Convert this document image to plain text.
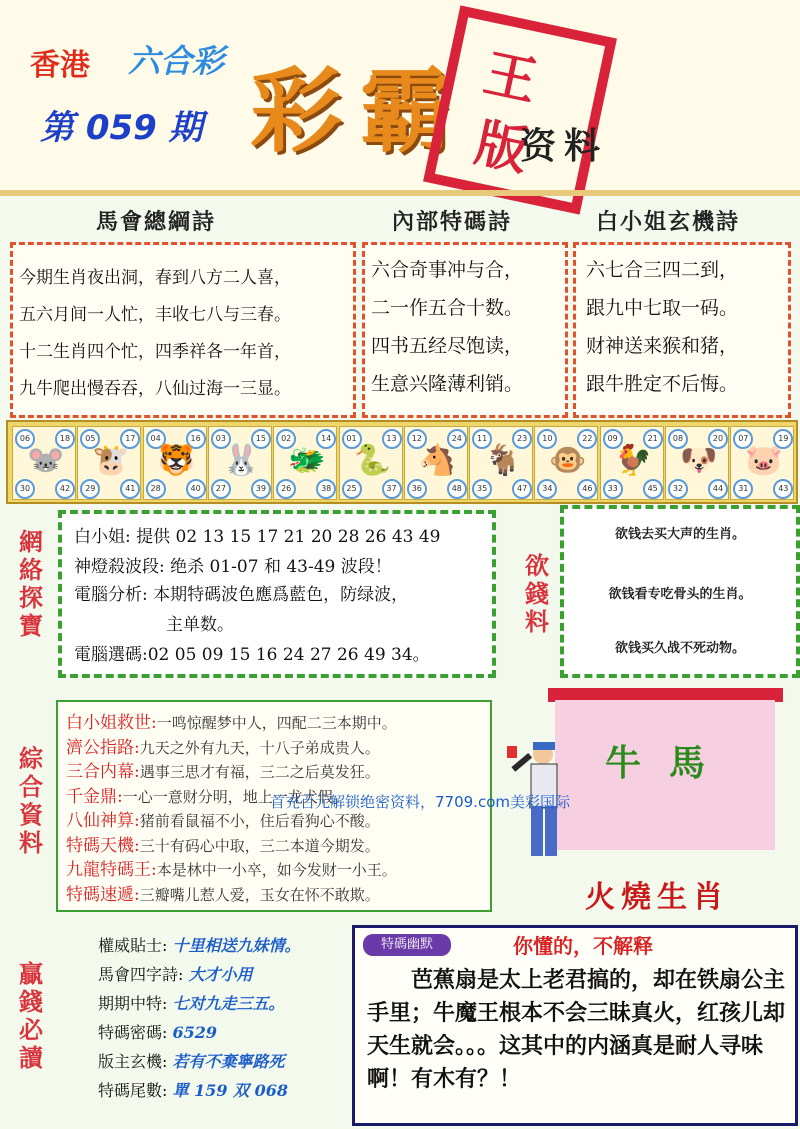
香港 六合彩
第 059 期 彩 霸 王
版
资料
馬會總綱詩	內部特碼詩	白小姐玄機詩
今期生肖夜出洞，春到八方二人喜，
五六月间一人忙，丰收七八与三春。
十二生肖四个忙，四季祥各一年首，
九牛爬出慢吞吞，八仙过海一三显。
六合奇事冲与合，
二一作五合十数。
四书五经尽饱读，
生意兴隆薄利销。
六七合三四二到，
跟九中七取一码。
财神送来猴和猪，
跟牛胜定不后悔。
06	18
30	42
🐭
05	17
29	41
🐮
04	16
28	40
🐯
03	15
27	39
🐰
02	14
26	38
🐲
01	13
25	37
🐍
12	24
36	48
🐴
11	23
35	47
🐐
10	22
34	46
🐵
09	21
33	45
🐓
08	20
32	44
🐶
07	19
31	43
🐷
網絡探寶
白小姐: 提供 02 13 15 17 21 20 28 26 43 49
神燈殺波段: 绝杀 01-07 和 43-49 波段！
電腦分析: 本期特碼波色應爲藍色，防绿波，
主单数。
電腦選碼:02 05 09 15 16 24 27 26 49 34。
欲錢料
欲钱去买大声的生肖。
欲钱看专吃骨头的生肖。
欲钱买久战不死动物。
綜合資料
白小姐救世:一鸣惊醒梦中人，四配二三本期中。
濟公指路:九天之外有九天，十八子弟成贵人。
三合内幕:遇事三思才有福，三二之后莫发狂。
千金鼎:一心一意财分明，地上一龙犬假。
八仙神算:猪前看鼠福不小，住后看狗心不酸。
特碼天機:三十有码心中取，三二本道今期发。
九龍特碼王:本是林中一小卒，如今发财一小王。
特碼速遞:三瓣嘴儿惹人爱，玉女在怀不敢欺。
牛馬
火燒生肖
首充百元解锁绝密资料，7709.com美彩国际
贏錢必讀
權威貼士: 十里相送九妹情。
馬會四字詩: 大才小用
期期中特: 七对九走三五。
特碼密碼: 6529
版主玄機: 若有不棄寧路死
特碼尾數: 單 159 双 068
特碼幽默	你懂的，不解释
芭蕉扇是太上老君搞的，却在铁扇公主手里；牛魔王根本不会三昧真火，红孩儿却天生就会。。。这其中的内涵真是耐人寻味啊！有木有？！
